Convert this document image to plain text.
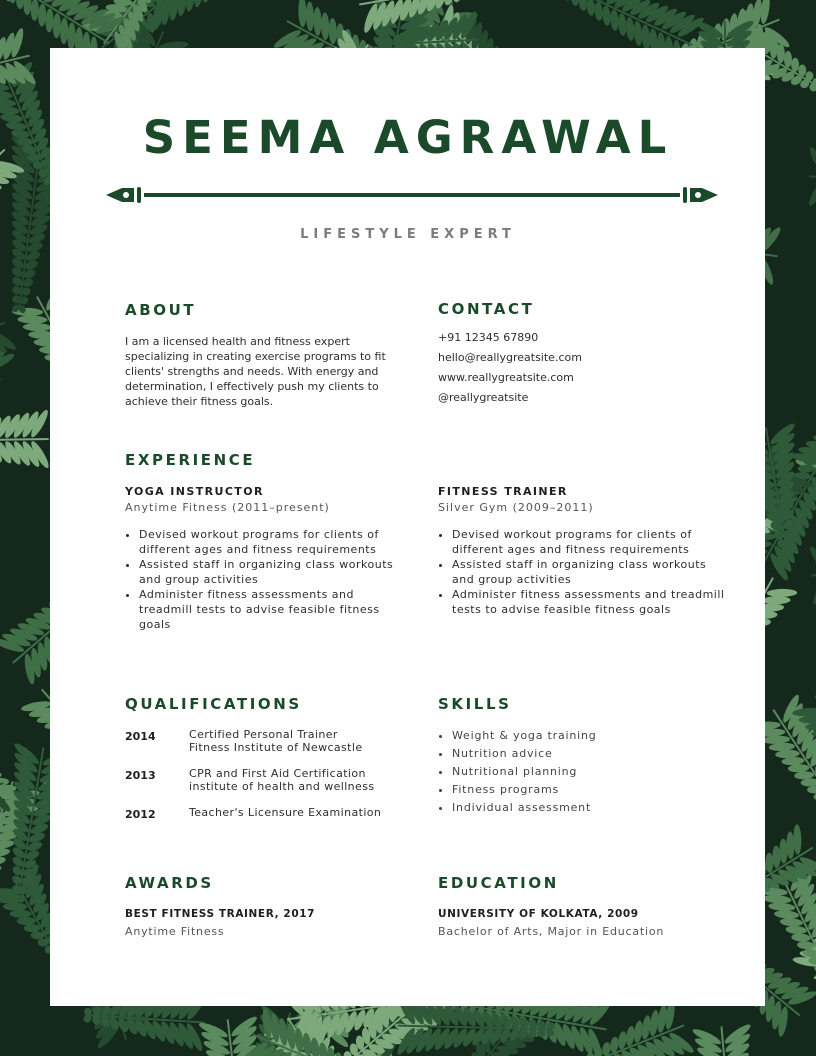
SEEMA AGRAWAL
LIFESTYLE EXPERT
ABOUT

I am a licensed health and fitness expert specializing in creating exercise programs to fit clients' strengths and needs. With energy and determination, I effectively push my clients to achieve their fitness goals.

CONTACT
+91 12345 67890
hello@reallygreatsite.com
www.reallygreatsite.com
@reallygreatsite
EXPERIENCE
YOGA INSTRUCTOR
Anytime Fitness (2011–present)
• Devised workout programs for clients of different ages and fitness requirements
• Assisted staff in organizing class workouts and group activities
• Administer fitness assessments and treadmill tests to advise feasible fitness goals
FITNESS TRAINER
Silver Gym (2009–2011)
• Devised workout programs for clients of different ages and fitness requirements
• Assisted staff in organizing class workouts and group activities
• Administer fitness assessments and treadmill tests to advise feasible fitness goals
QUALIFICATIONS
2014	Certified Personal Trainer
Fitness Institute of Newcastle
2013	CPR and First Aid Certification
institute of health and wellness
2012	Teacher's Licensure Examination
SKILLS
• Weight & yoga training
• Nutrition advice
• Nutritional planning
• Fitness programs
• Individual assessment
AWARDS
BEST FITNESS TRAINER, 2017
Anytime Fitness
EDUCATION
UNIVERSITY OF KOLKATA, 2009
Bachelor of Arts, Major in Education
